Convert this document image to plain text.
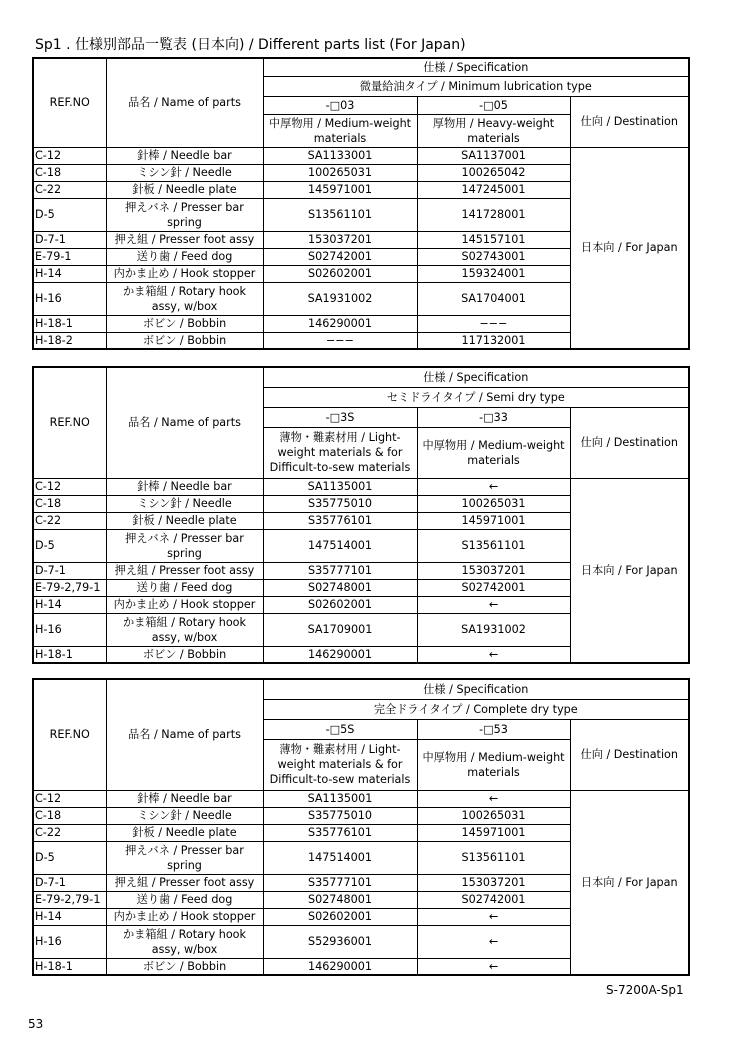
Sp1 . 仕様別部品一覧表 (日本向) / Different parts list (For Japan)
REF.NO	品名 / Name of parts	仕様 / Specification		
		微量給油タイプ / Minimum lubrication type		
		-□03	-□05	仕向 / Destination
		中厚物用 / Medium-weight materials	厚物用 / Heavy-weight materials	
C-12	針棒 / Needle bar	SA1133001	SA1137001	日本向 / For Japan
C-18	ミシン針 / Needle	100265031	100265042	
C-22	針板 / Needle plate	145971001	147245001	
D-5	押えバネ / Presser bar spring	S13561101	141728001	
D-7-1	押え組 / Presser foot assy	153037201	145157101	
E-79-1	送り歯 / Feed dog	S02742001	S02743001	
H-14	内かま止め / Hook stopper	S02602001	159324001	
H-16	かま箱組 / Rotary hook assy, w/box	SA1931002	SA1704001	
H-18-1	ボビン / Bobbin	146290001	−−−	
H-18-2	ボビン / Bobbin	−−−	117132001	
REF.NO	品名 / Name of parts	仕様 / Specification		
		セミドライタイプ / Semi dry type		
		-□3S	-□33	仕向 / Destination
		薄物・難素材用 / Light-weight materials & for Difficult-to-sew materials	中厚物用 / Medium-weight materials	
C-12	針棒 / Needle bar	SA1135001	←	日本向 / For Japan
C-18	ミシン針 / Needle	S35775010	100265031	
C-22	針板 / Needle plate	S35776101	145971001	
D-5	押えバネ / Presser bar spring	147514001	S13561101	
D-7-1	押え組 / Presser foot assy	S35777101	153037201	
E-79-2,79-1	送り歯 / Feed dog	S02748001	S02742001	
H-14	内かま止め / Hook stopper	S02602001	←	
H-16	かま箱組 / Rotary hook assy, w/box	SA1709001	SA1931002	
H-18-1	ボビン / Bobbin	146290001	←	
REF.NO	品名 / Name of parts	仕様 / Specification		
		完全ドライタイプ / Complete dry type		
		-□5S	-□53	仕向 / Destination
		薄物・難素材用 / Light-weight materials & for Difficult-to-sew materials	中厚物用 / Medium-weight materials	
C-12	針棒 / Needle bar	SA1135001	←	日本向 / For Japan
C-18	ミシン針 / Needle	S35775010	100265031	
C-22	針板 / Needle plate	S35776101	145971001	
D-5	押えバネ / Presser bar spring	147514001	S13561101	
D-7-1	押え組 / Presser foot assy	S35777101	153037201	
E-79-2,79-1	送り歯 / Feed dog	S02748001	S02742001	
H-14	内かま止め / Hook stopper	S02602001	←	
H-16	かま箱組 / Rotary hook assy, w/box	S52936001	←	
H-18-1	ボビン / Bobbin	146290001	←	
S-7200A-Sp1
53
